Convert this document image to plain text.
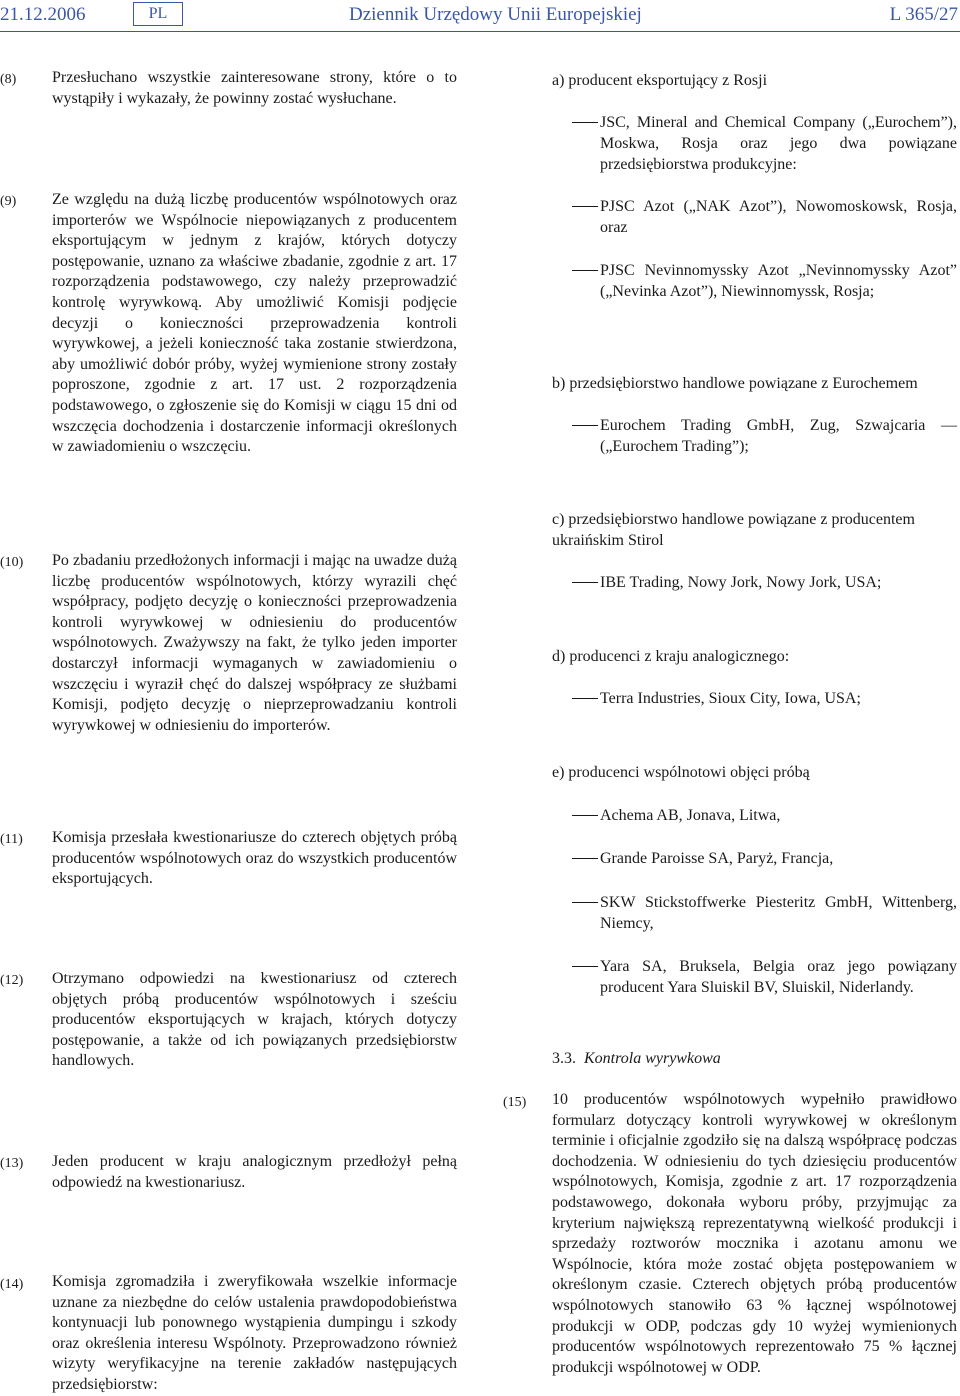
21.12.2006	PL	Dziennik Urzędowy Unii Europejskiej	L 365/27
(8) Przesłuchano wszystkie zainteresowane strony, które o to wystąpiły i wykazały, że powinny zostać wysłuchane.
(9) Ze względu na dużą liczbę producentów wspólnotowych oraz importerów we Wspólnocie niepowiązanych z producentem eksportującym w jednym z krajów, których dotyczy postępowanie, uznano za właściwe zbadanie, zgodnie z art. 17 rozporządzenia podstawowego, czy należy przeprowadzić kontrolę wyrywkową. Aby umożliwić Komisji podjęcie decyzji o konieczności przeprowadzenia kontroli wyrywkowej, a jeżeli konieczność taka zostanie stwierdzona, aby umożliwić dobór próby, wyżej wymienione strony zostały poproszone, zgodnie z art. 17 ust. 2 rozporządzenia podstawowego, o zgłoszenie się do Komisji w ciągu 15 dni od wszczęcia dochodzenia i dostarczenie informacji określonych w zawiadomieniu o wszczęciu.
(10) Po zbadaniu przedłożonych informacji i mając na uwadze dużą liczbę producentów wspólnotowych, którzy wyrazili chęć współpracy, podjęto decyzję o konieczności przeprowadzenia kontroli wyrywkowej w odniesieniu do producentów wspólnotowych. Zważywszy na fakt, że tylko jeden importer dostarczył informacji wymaganych w zawiadomieniu o wszczęciu i wyraził chęć do dalszej współpracy ze służbami Komisji, podjęto decyzję o nieprzeprowadzaniu kontroli wyrywkowej w odniesieniu do importerów.
(11) Komisja przesłała kwestionariusze do czterech objętych próbą producentów wspólnotowych oraz do wszystkich producentów eksportujących.
(12) Otrzymano odpowiedzi na kwestionariusz od czterech objętych próbą producentów wspólnotowych i sześciu producentów eksportujących w krajach, których dotyczy postępowanie, a także od ich powiązanych przedsiębiorstw handlowych.
(13) Jeden producent w kraju analogicznym przedłożył pełną odpowiedź na kwestionariusz.
(14) Komisja zgromadziła i zweryfikowała wszelkie informacje uznane za niezbędne do celów ustalenia prawdopodobieństwa kontynuacji lub ponownego wystąpienia dumpingu i szkody oraz określenia interesu Wspólnoty. Przeprowadzono również wizyty weryfikacyjne na terenie zakładów następujących przedsiębiorstw:
a) producent eksportujący z Rosji
JSC, Mineral and Chemical Company („Eurochem”), Moskwa, Rosja oraz jego dwa powiązane przedsiębiorstwa produkcyjne:
PJSC Azot („NAK Azot”), Nowomoskowsk, Rosja, oraz
PJSC Nevinnomyssky Azot „Nevinnomyssky Azot” („Nevinka Azot”), Niewinnomyssk, Rosja;
b) przedsiębiorstwo handlowe powiązane z Eurochemem
Eurochem Trading GmbH, Zug, Szwajcaria — („Eurochem Trading”);
c) przedsiębiorstwo handlowe powiązane z producentem ukraińskim Stirol
IBE Trading, Nowy Jork, Nowy Jork, USA;
d) producenci z kraju analogicznego:
Terra Industries, Sioux City, Iowa, USA;
e) producenci wspólnotowi objęci próbą
Achema AB, Jonava, Litwa,
Grande Paroisse SA, Paryż, Francja,
SKW Stickstoffwerke Piesteritz GmbH, Wittenberg, Niemcy,
Yara SA, Bruksela, Belgia oraz jego powiązany producent Yara Sluiskil BV, Sluiskil, Niderlandy.
3.3. Kontrola wyrywkowa
(15) 10 producentów wspólnotowych wypełniło prawidłowo formularz dotyczący kontroli wyrywkowej w określonym terminie i oficjalnie zgodziło się na dalszą współpracę podczas dochodzenia. W odniesieniu do tych dziesięciu producentów wspólnotowych, Komisja, zgodnie z art. 17 rozporządzenia podstawowego, dokonała wyboru próby, przyjmując za kryterium największą reprezentatywną wielkość produkcji i sprzedaży roztworów mocznika i azotanu amonu we Wspólnocie, która może zostać objęta postępowaniem w określonym czasie. Czterech objętych próbą producentów wspólnotowych stanowiło 63 % łącznej wspólnotowej produkcji w ODP, podczas gdy 10 wyżej wymienionych producentów wspólnotowych reprezentowało 75 % łącznej produkcji wspólnotowej w ODP.
